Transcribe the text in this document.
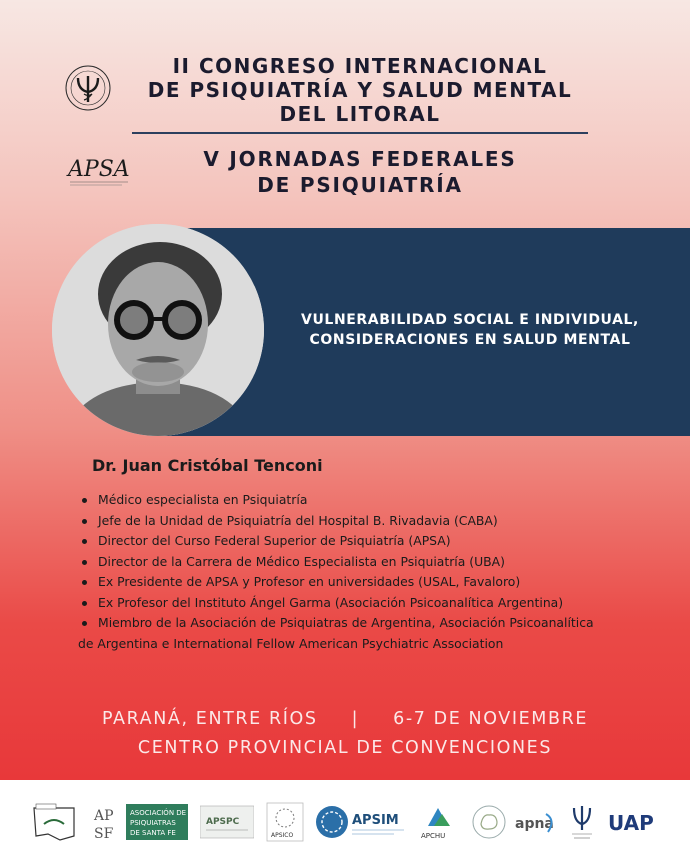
APSA
II CONGRESO INTERNACIONAL
DE PSIQUIATRÍA Y SALUD MENTAL
DEL LITORAL
V JORNADAS FEDERALES
DE PSIQUIATRÍA
VULNERABILIDAD SOCIAL E INDIVIDUAL,
CONSIDERACIONES EN SALUD MENTAL
Dr. Juan Cristóbal Tenconi
Médico especialista en Psiquiatría
Jefe de la Unidad de Psiquiatría del Hospital B. Rivadavia (CABA)
Director del Curso Federal Superior de Psiquiatría (APSA)
Director de la Carrera de Médico Especialista en Psiquiatría (UBA)
Ex Presidente de APSA y Profesor en universidades (USAL, Favaloro)
Ex Profesor del Instituto Ángel Garma (Asociación Psicoanalítica Argentina)
Miembro de la Asociación de Psiquiatras de Argentina, Asociación Psicoanalítica
de Argentina e International Fellow American Psychiatric Association
PARANÁ, ENTRE RÍOS | 6-7 DE NOVIEMBRE
CENTRO PROVINCIAL DE CONVENCIONES
AP
SF
ASOCIACIÓN DE
PSIQUIATRAS
DE SANTA FE
APSPC
APSICO
APSIM
APCHU
apna	UAP
